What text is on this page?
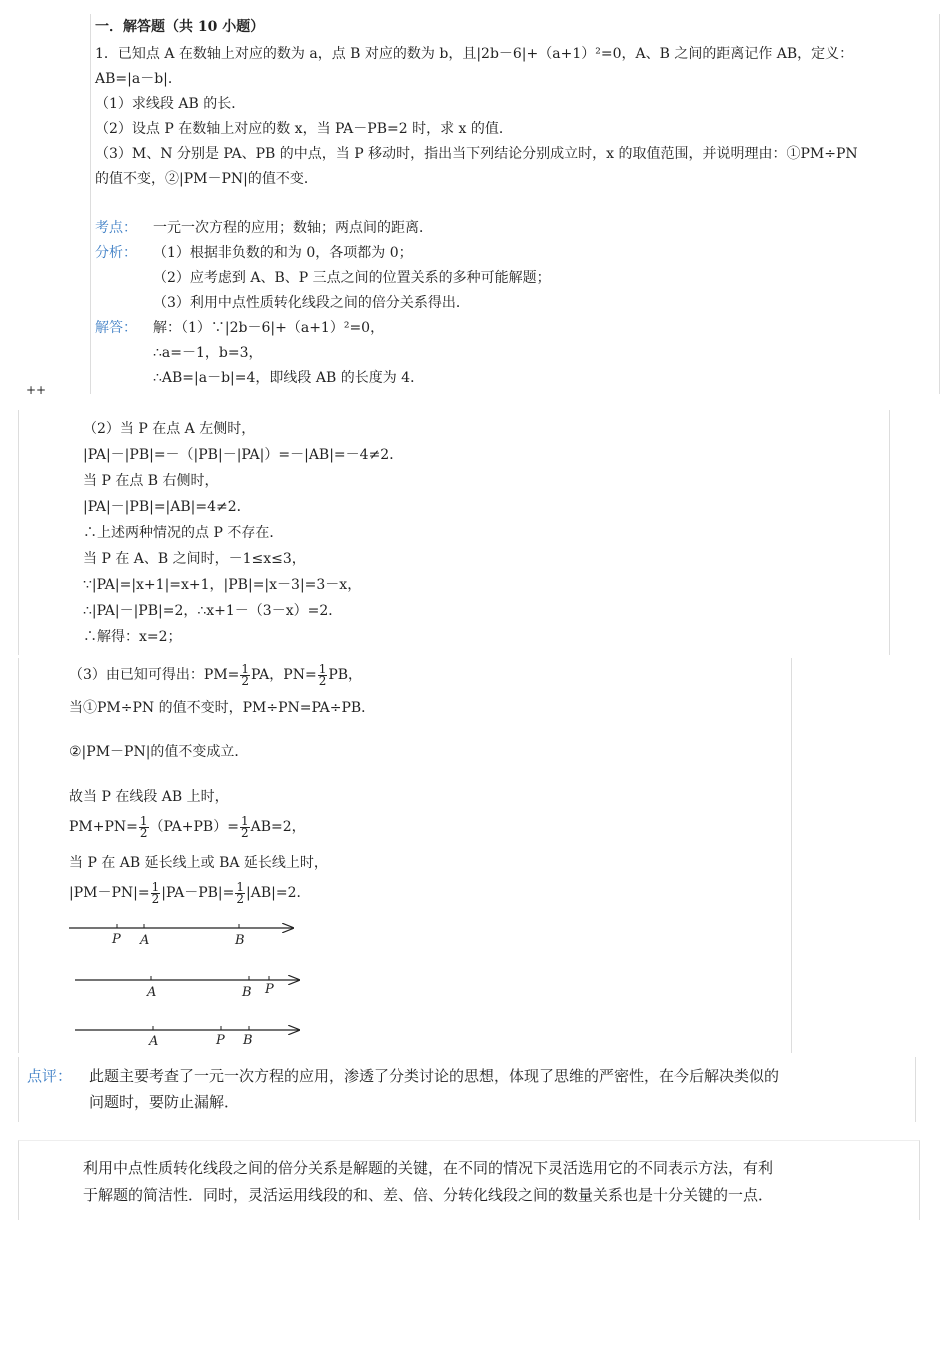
一．解答题（共 10 小题）
1．已知点 A 在数轴上对应的数为 a，点 B 对应的数为 b，且|2b－6|+（a+1）²=0，A、B 之间的距离记作 AB，定义：
AB=|a－b|．
（1）求线段 AB 的长．
（2）设点 P 在数轴上对应的数 x，当 PA－PB=2 时，求 x 的值．
（3）M、N 分别是 PA、PB 的中点，当 P 移动时，指出当下列结论分别成立时，x 的取值范围，并说明理由：①PM÷PN
的值不变，②|PM－PN|的值不变．
考点： 一元一次方程的应用；数轴；两点间的距离．
分析： （1）根据非负数的和为 0，各项都为 0；
（2）应考虑到 A、B、P 三点之间的位置关系的多种可能解题；
（3）利用中点性质转化线段之间的倍分关系得出．
解答： 解：（1）∵|2b－6|+（a+1）²=0，
∴a=－1，b=3，
∴AB=|a－b|=4，即线段 AB 的长度为 4．
++
（2）当 P 在点 A 左侧时，
|PA|－|PB|=－（|PB|－|PA|）=－|AB|=－4≠2．
当 P 在点 B 右侧时，
|PA|－|PB|=|AB|=4≠2．
∴上述两种情况的点 P 不存在．
当 P 在 A、B 之间时，－1≤x≤3，
∵|PA|=|x+1|=x+1，|PB|=|x－3|=3－x，
∴|PA|－|PB|=2，∴x+1－（3－x）=2．
∴解得：x=2；
（3）由已知可得出：$PM= \frac{1}{2}$ PA，$PN= \frac{1}{2}$ PB，
当①PM÷PN 的值不变时，PM÷PN=PA÷PB．
②|PM－PN|的值不变成立．
故当 P 在线段 AB 上时，
$PM+PN= \frac{1}{2} (PA+PB)= \frac{1}{2} AB=2$，
当 P 在 AB 延长线上或 BA 延长线上时，
$|PM-PN|= \frac{1}{2} |PA-PB|= \frac{1}{2} |AB|=2$．
P A	B
A	B P
A	P B
点评： 此题主要考查了一元一次方程的应用，渗透了分类讨论的思想，体现了思维的严密性，在今后解决类似的
问题时，要防止漏解．
利用中点性质转化线段之间的倍分关系是解题的关键，在不同的情况下灵活选用它的不同表示方法，有利
于解题的简洁性．同时，灵活运用线段的和、差、倍、分转化线段之间的数量关系也是十分关键的一点．
